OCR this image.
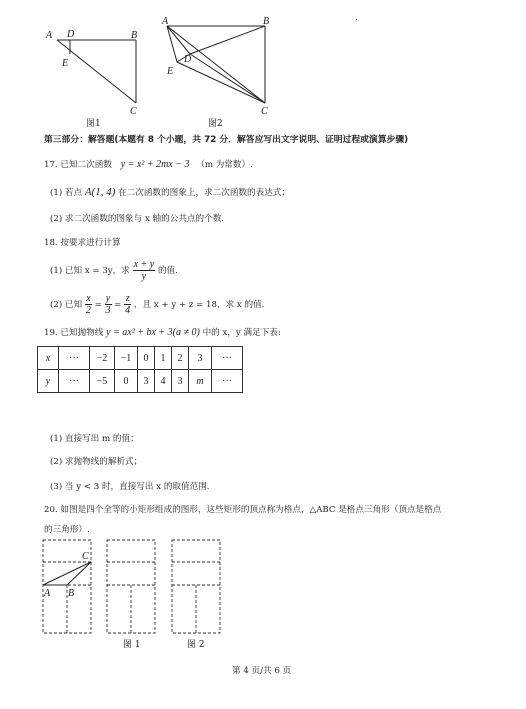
A D	B
E
C
图1
A	B
D
E
C
图2
.
第三部分：解答题(本题有 8 个小题，共 72 分．解答应写出文字说明、证明过程或演算步骤)
17. 已知二次函数 y = x² + 2mx − 3 （m 为常数）.
(1) 若点 A(1, 4) 在二次函数的图象上，求二次函数的表达式；
(2) 求二次函数的图象与 x 轴的公共点的个数.
18. 按要求进行计算
(1) 已知 x = 3y，求 $\frac{x + y}{y}$ 的值.
(2) 已知 $\frac{x}{2} = \frac{y}{3} = \frac{z}{4}$ ，且 x + y + z = 18，求 x 的值.
19. 已知抛物线 y = ax² + bx + 3(a ≠ 0) 中的 x，y 满足下表:
x	···	−2	−1	0	1	2	3	···
y	···	−5	0	3	4	3	m	···
(1) 直接写出 m 的值；
(2) 求抛物线的解析式；
(3) 当 y < 3 时，直接写出 x 的取值范围.
20. 如图是四个全等的小矩形组成的图形，这些矩形的顶点称为格点，△ABC 是格点三角形（顶点是格点
的三角形）.
C
A B
图 1	图 2
第 4 页/共 6 页
